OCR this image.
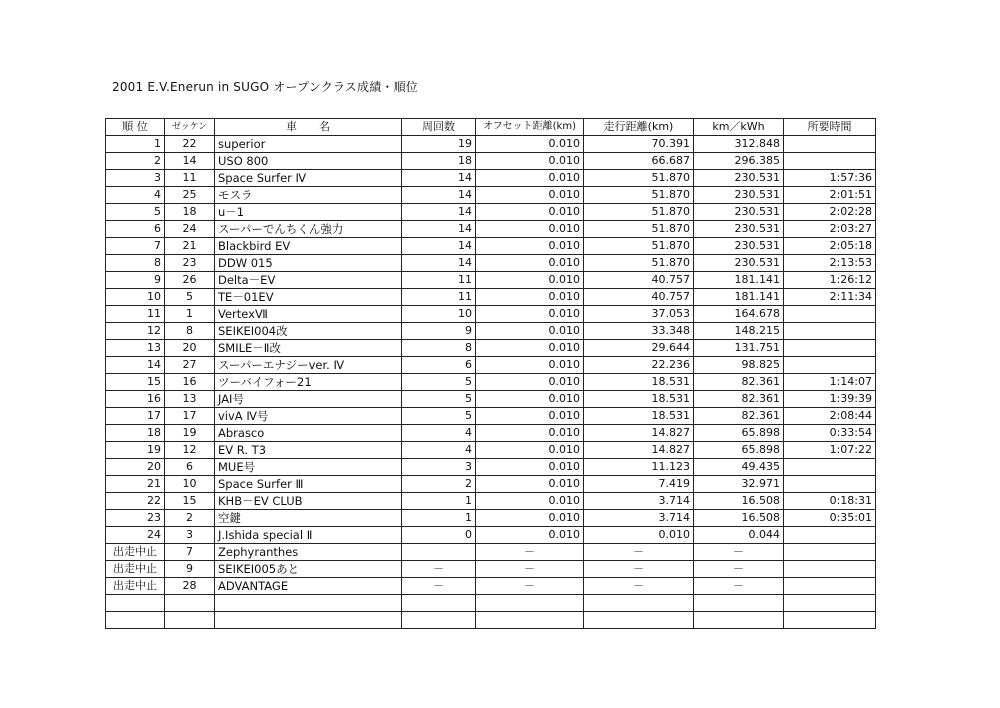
2001 E.V.Enerun in SUGO オープンクラス成績・順位
順 位	ゼッケン	車　　名	周回数	オフセット距離(km)	走行距離(km)	km／kWh	所要時間
1	22	superior	19	0.010	70.391	312.848	
2	14	USO 800	18	0.010	66.687	296.385	
3	11	Space Surfer Ⅳ	14	0.010	51.870	230.531	1:57:36
4	25	モスラ	14	0.010	51.870	230.531	2:01:51
5	18	u－1	14	0.010	51.870	230.531	2:02:28
6	24	スーパーでんちくん強力	14	0.010	51.870	230.531	2:03:27
7	21	Blackbird EV	14	0.010	51.870	230.531	2:05:18
8	23	DDW 015	14	0.010	51.870	230.531	2:13:53
9	26	Delta－EV	11	0.010	40.757	181.141	1:26:12
10	5	TE－01EV	11	0.010	40.757	181.141	2:11:34
11	1	VertexⅦ	10	0.010	37.053	164.678	
12	8	SEIKEI004改	9	0.010	33.348	148.215	
13	20	SMILE－Ⅱ改	8	0.010	29.644	131.751	
14	27	スーパーエナジーver. Ⅳ	6	0.010	22.236	98.825	
15	16	ツーバイフォー21	5	0.010	18.531	82.361	1:14:07
16	13	JAI号	5	0.010	18.531	82.361	1:39:39
17	17	vivA Ⅳ号	5	0.010	18.531	82.361	2:08:44
18	19	Abrasco	4	0.010	14.827	65.898	0:33:54
19	12	EV R. T3	4	0.010	14.827	65.898	1:07:22
20	6	MUE号	3	0.010	11.123	49.435	
21	10	Space Surfer Ⅲ	2	0.010	7.419	32.971	
22	15	KHB－EV CLUB	1	0.010	3.714	16.508	0:18:31
23	2	空鍵	1	0.010	3.714	16.508	0:35:01
24	3	J.Ishida special Ⅱ	0	0.010	0.010	0.044	
出走中止	7	Zephyranthes		－	－	－	
出走中止	9	SEIKEI005あと	－	－	－	－	
出走中止	28	ADVANTAGE	－	－	－	－	
